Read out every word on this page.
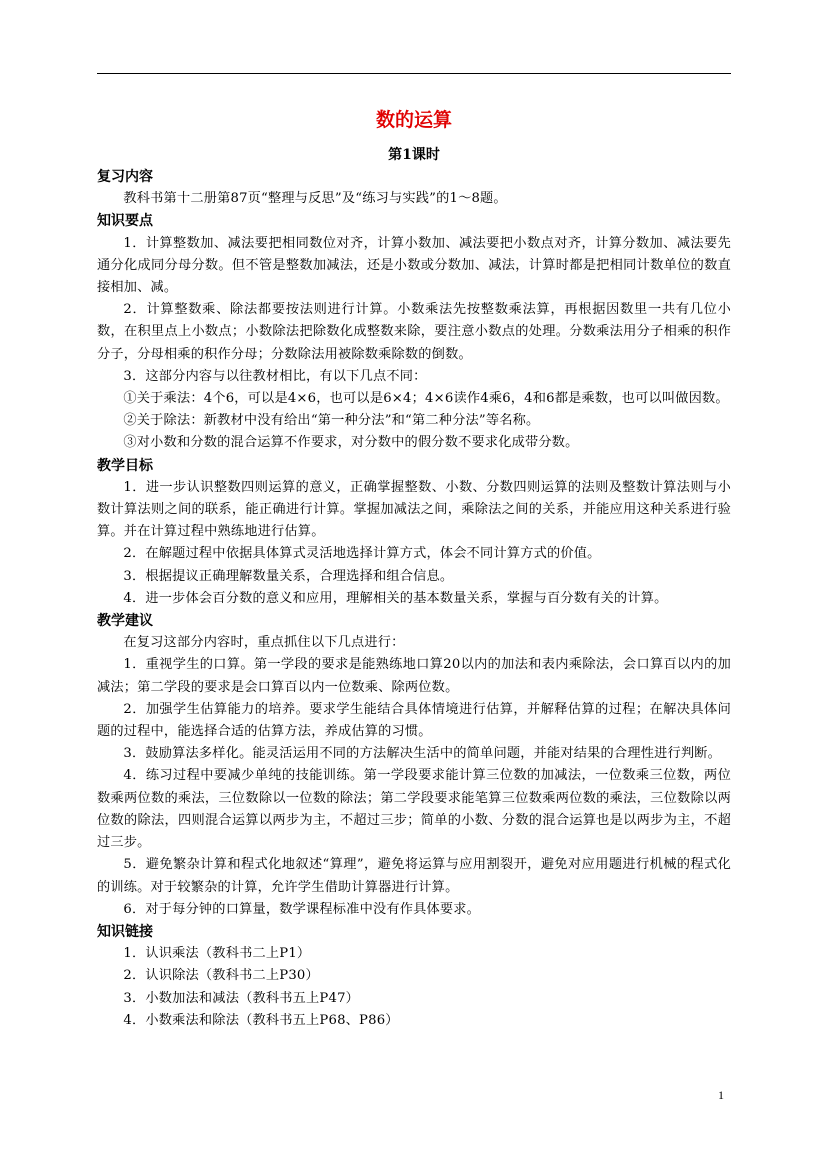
数的运算
第1课时
复习内容

教科书第十二册第87页“整理与反思”及“练习与实践”的1～8题。

知识要点

1．计算整数加、减法要把相同数位对齐，计算小数加、减法要把小数点对齐，计算分数加、减法要先通分化成同分母分数。但不管是整数加减法，还是小数或分数加、减法，计算时都是把相同计数单位的数直接相加、减。

2．计算整数乘、除法都要按法则进行计算。小数乘法先按整数乘法算，再根据因数里一共有几位小数，在积里点上小数点；小数除法把除数化成整数来除，要注意小数点的处理。分数乘法用分子相乘的积作分子，分母相乘的积作分母；分数除法用被除数乘除数的倒数。

3．这部分内容与以往教材相比，有以下几点不同：

①关于乘法：4个6，可以是4×6，也可以是6×4；4×6读作4乘6，4和6都是乘数，也可以叫做因数。

②关于除法：新教材中没有给出“第一种分法”和“第二种分法”等名称。

③对小数和分数的混合运算不作要求，对分数中的假分数不要求化成带分数。

教学目标

1．进一步认识整数四则运算的意义，正确掌握整数、小数、分数四则运算的法则及整数计算法则与小数计算法则之间的联系，能正确进行计算。掌握加减法之间，乘除法之间的关系，并能应用这种关系进行验算。并在计算过程中熟练地进行估算。

2．在解题过程中依据具体算式灵活地选择计算方式，体会不同计算方式的价值。

3．根据提议正确理解数量关系，合理选择和组合信息。

4．进一步体会百分数的意义和应用，理解相关的基本数量关系，掌握与百分数有关的计算。

教学建议

在复习这部分内容时，重点抓住以下几点进行：

1．重视学生的口算。第一学段的要求是能熟练地口算20以内的加法和表内乘除法，会口算百以内的加减法；第二学段的要求是会口算百以内一位数乘、除两位数。

2．加强学生估算能力的培养。要求学生能结合具体情境进行估算，并解释估算的过程；在解决具体问题的过程中，能选择合适的估算方法，养成估算的习惯。

3．鼓励算法多样化。能灵活运用不同的方法解决生活中的简单问题，并能对结果的合理性进行判断。

4．练习过程中要减少单纯的技能训练。第一学段要求能计算三位数的加减法，一位数乘三位数，两位数乘两位数的乘法，三位数除以一位数的除法；第二学段要求能笔算三位数乘两位数的乘法，三位数除以两位数的除法，四则混合运算以两步为主，不超过三步；简单的小数、分数的混合运算也是以两步为主，不超过三步。

5．避免繁杂计算和程式化地叙述“算理”，避免将运算与应用割裂开，避免对应用题进行机械的程式化的训练。对于较繁杂的计算，允许学生借助计算器进行计算。

6．对于每分钟的口算量，数学课程标准中没有作具体要求。

知识链接

1．认识乘法（教科书二上P1）

2．认识除法（教科书二上P30）

3．小数加法和减法（教科书五上P47）

4．小数乘法和除法（教科书五上P68、P86）

1
